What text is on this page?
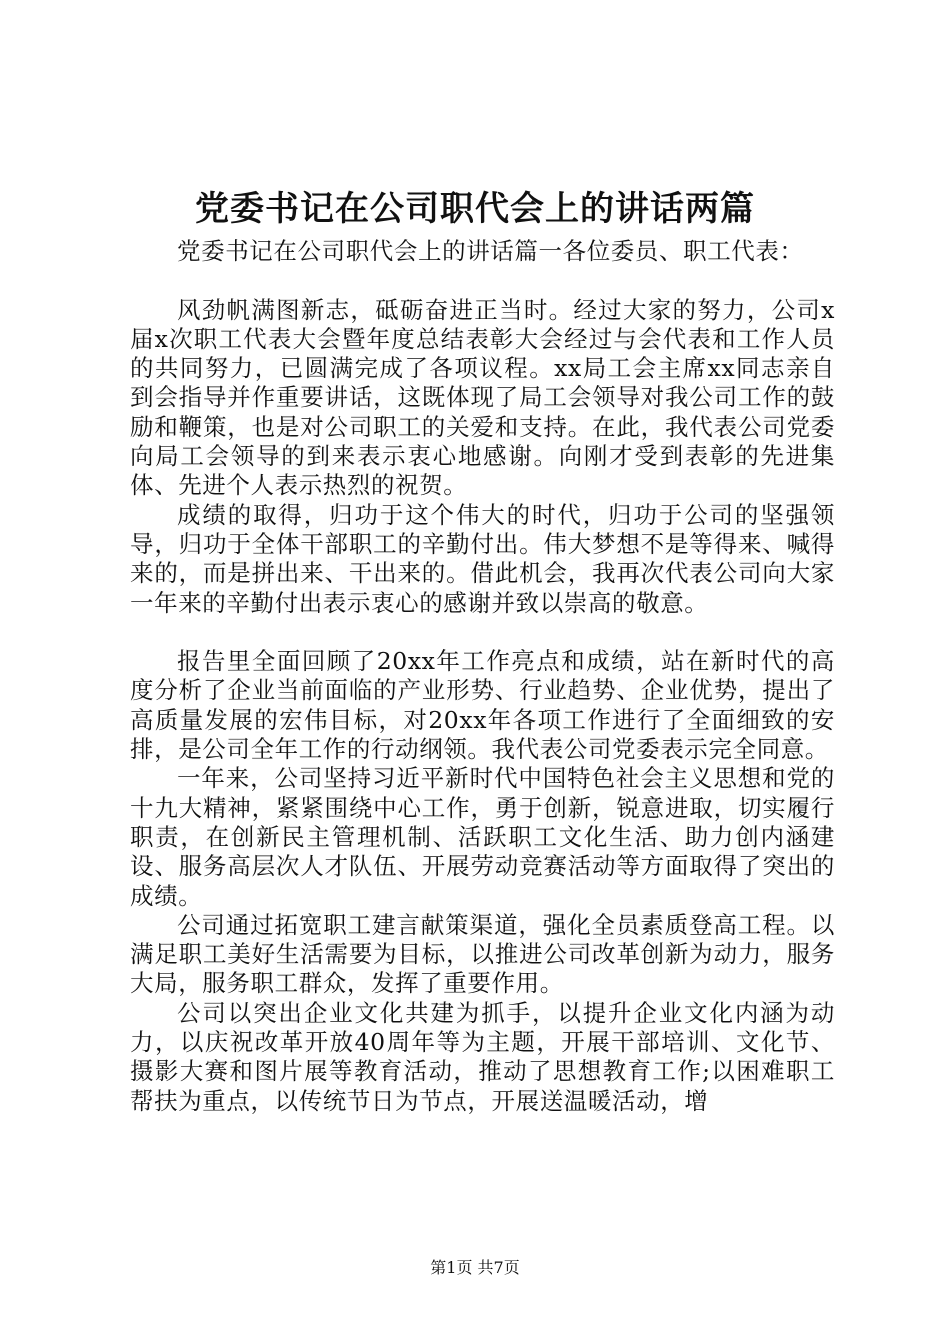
党委书记在公司职代会上的讲话两篇

党委书记在公司职代会上的讲话篇一各位委员、职工代表：

风劲帆满图新志，砥砺奋进正当时。经过大家的努力，公司x届x次职工代表大会暨年度总结表彰大会经过与会代表和工作人员的共同努力，已圆满完成了各项议程。xx局工会主席xx同志亲自到会指导并作重要讲话，这既体现了局工会领导对我公司工作的鼓励和鞭策，也是对公司职工的关爱和支持。在此，我代表公司党委向局工会领导的到来表示衷心地感谢。向刚才受到表彰的先进集体、先进个人表示热烈的祝贺。

成绩的取得，归功于这个伟大的时代，归功于公司的坚强领导，归功于全体干部职工的辛勤付出。伟大梦想不是等得来、喊得来的，而是拼出来、干出来的。借此机会，我再次代表公司向大家一年来的辛勤付出表示衷心的感谢并致以崇高的敬意。

报告里全面回顾了20xx年工作亮点和成绩，站在新时代的高度分析了企业当前面临的产业形势、行业趋势、企业优势，提出了高质量发展的宏伟目标，对20xx年各项工作进行了全面细致的安排，是公司全年工作的行动纲领。我代表公司党委表示完全同意。

一年来，公司坚持习近平新时代中国特色社会主义思想和党的十九大精神，紧紧围绕中心工作，勇于创新，锐意进取，切实履行职责，在创新民主管理机制、活跃职工文化生活、助力创内涵建设、服务高层次人才队伍、开展劳动竞赛活动等方面取得了突出的成绩。

公司通过拓宽职工建言献策渠道，强化全员素质登高工程。以满足职工美好生活需要为目标，以推进公司改革创新为动力，服务大局，服务职工群众，发挥了重要作用。

公司以突出企业文化共建为抓手，以提升企业文化内涵为动力，以庆祝改革开放40周年等为主题，开展干部培训、文化节、摄影大赛和图片展等教育活动，推动了思想教育工作;以困难职工帮扶为重点，以传统节日为节点，开展送温暖活动，增

第1页 共7页
